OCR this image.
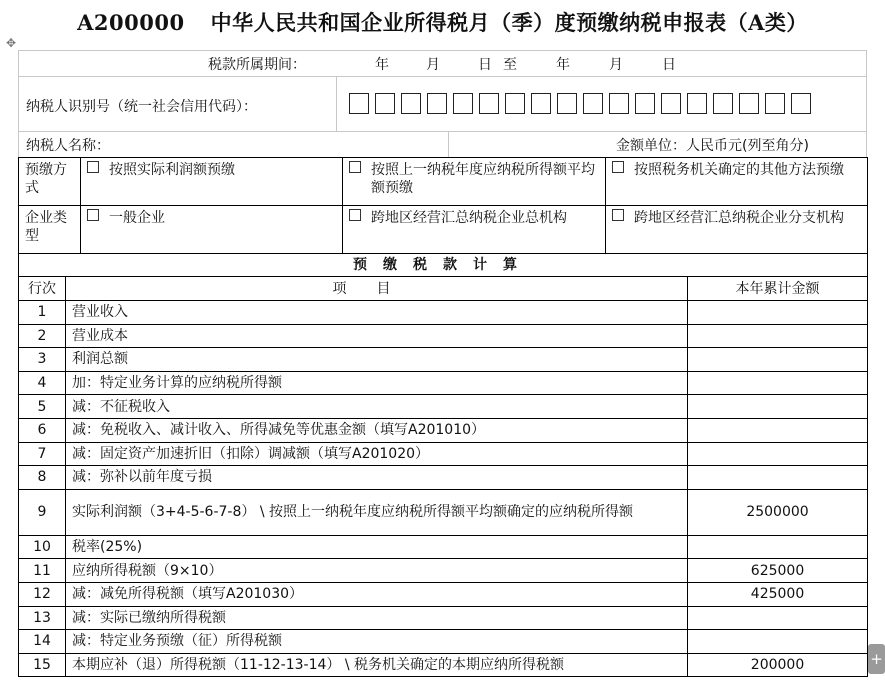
A200000 中华人民共和国企业所得税月（季）度预缴纳税申报表（A类）
✥
税款所属期间：	年	月	日 至	年	月	日
纳税人识别号（统一社会信用代码）：
纳税人名称：	金额单位：人民币元(列至角分)
预缴方式	按照实际利润额预缴	按照上一纳税年度应纳税所得额平均额预缴	按照税务机关确定的其他方法预缴

企业类型	一般企业	跨地区经营汇总纳税企业总机构	跨地区经营汇总纳税企业分支机构
预缴税款计算		
行次	项目	本年累计金额
1	营业收入	
2	营业成本	
3	利润总额	
4	加：特定业务计算的应纳税所得额	
5	减：不征税收入	
6	减：免税收入、减计收入、所得减免等优惠金额（填写A201010）	
7	减：固定资产加速折旧（扣除）调减额（填写A201020）	
8	减：弥补以前年度亏损	
9	实际利润额（3+4-5-6-7-8） \ 按照上一纳税年度应纳税所得额平均额确定的应纳税所得额	2500000
10	税率(25%)	
11	应纳所得税额（9×10）	625000
12	减：减免所得税额（填写A201030）	425000
13	减：实际已缴纳所得税额	
14	减：特定业务预缴（征）所得税额	
15	本期应补（退）所得税额（11-12-13-14） \ 税务机关确定的本期应纳所得税额	200000	+
